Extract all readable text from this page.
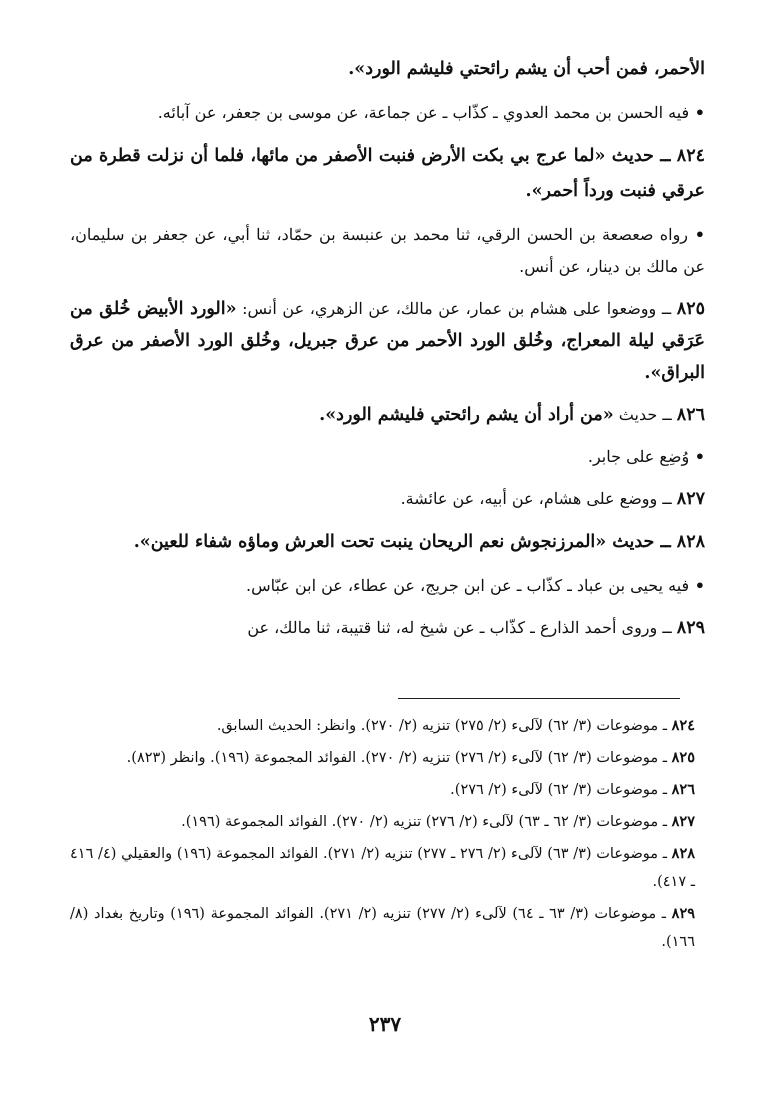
الأحمر، فمن أحب أن يشم رائحتي فليشم الورد».

• فيه الحسن بن محمد العدوي ـ كذّاب ـ عن جماعة، عن موسى بن جعفر، عن آبائه.

٨٢٤ ــ حديث «لما عرج بي بكت الأرض فنبت الأصفر من مائها، فلما أن نزلت قطرة من عرقي فنبت ورداً أحمر».

• رواه صعصعة بن الحسن الرقي، ثنا محمد بن عنبسة بن حمّاد، ثنا أبي، عن جعفر بن سليمان، عن مالك بن دينار، عن أنس.

٨٢٥ ــ ووضعوا على هشام بن عمار، عن مالك، عن الزهري، عن أنس: «الورد الأبيض خُلق من عَرَقي ليلة المعراج، وخُلق الورد الأحمر من عرق جبريل، وخُلق الورد الأصفر من عرق البراق».

٨٢٦ ــ حديث «من أراد أن يشم رائحتي فليشم الورد».

• وُضِع على جابر.

٨٢٧ ــ ووضع على هشام، عن أبيه، عن عائشة.

٨٢٨ ــ حديث «المرزنجوش نعم الريحان ينبت تحت العرش وماؤه شفاء للعين».

• فيه يحيى بن عباد ـ كذّاب ـ عن ابن جريج، عن عطاء، عن ابن عبّاس.

٨٢٩ ــ وروى أحمد الذارع ـ كذّاب ـ عن شيخ له، ثنا قتيبة، ثنا مالك، عن

٨٢٤ ـ موضوعات (٣/ ٦٢) لآلىء (٢/ ٢٧٥) تنزيه (٢/ ٢٧٠). وانظر: الحديث السابق.

٨٢٥ ـ موضوعات (٣/ ٦٢) لآلىء (٢/ ٢٧٦) تنزيه (٢/ ٢٧٠). الفوائد المجموعة (١٩٦). وانظر (٨٢٣).

٨٢٦ ـ موضوعات (٣/ ٦٢) لآلىء (٢/ ٢٧٦).

٨٢٧ ـ موضوعات (٣/ ٦٢ ـ ٦٣) لآلىء (٢/ ٢٧٦) تنزيه (٢/ ٢٧٠). الفوائد المجموعة (١٩٦).

٨٢٨ ـ موضوعات (٣/ ٦٣) لآلىء (٢/ ٢٧٦ ـ ٢٧٧) تنزيه (٢/ ٢٧١). الفوائد المجموعة (١٩٦) والعقيلي (٤/ ٤١٦ ـ ٤١٧).

٨٢٩ ـ موضوعات (٣/ ٦٣ ـ ٦٤) لآلىء (٢/ ٢٧٧) تنزيه (٢/ ٢٧١). الفوائد المجموعة (١٩٦) وتاريخ بغداد (٨/ ١٦٦).

٢٣٧
